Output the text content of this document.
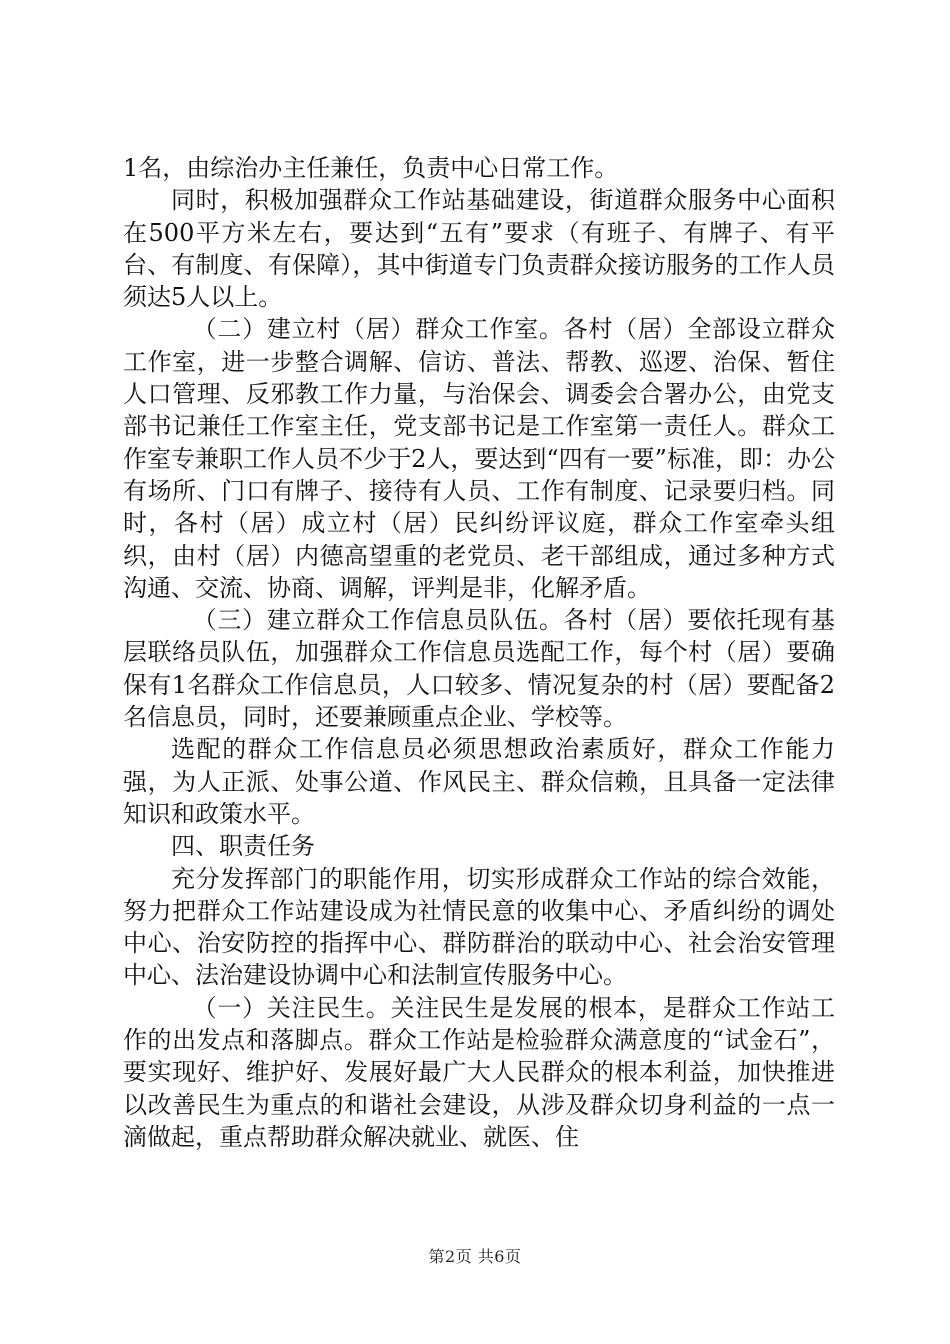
1名，由综治办主任兼任，负责中心日常工作。

同时，积极加强群众工作站基础建设，街道群众服务中心面积在500平方米左右，要达到“五有”要求（有班子、有牌子、有平台、有制度、有保障），其中街道专门负责群众接访服务的工作人员须达5人以上。

（二）建立村（居）群众工作室。各村（居）全部设立群众工作室，进一步整合调解、信访、普法、帮教、巡逻、治保、暂住人口管理、反邪教工作力量，与治保会、调委会合署办公，由党支部书记兼任工作室主任，党支部书记是工作室第一责任人。群众工作室专兼职工作人员不少于2人，要达到“四有一要”标准，即：办公有场所、门口有牌子、接待有人员、工作有制度、记录要归档。同时，各村（居）成立村（居）民纠纷评议庭，群众工作室牵头组织，由村（居）内德高望重的老党员、老干部组成，通过多种方式沟通、交流、协商、调解，评判是非，化解矛盾。

（三）建立群众工作信息员队伍。各村（居）要依托现有基层联络员队伍，加强群众工作信息员选配工作，每个村（居）要确保有1名群众工作信息员，人口较多、情况复杂的村（居）要配备2名信息员，同时，还要兼顾重点企业、学校等。

选配的群众工作信息员必须思想政治素质好，群众工作能力强，为人正派、处事公道、作风民主、群众信赖，且具备一定法律知识和政策水平。

四、职责任务

充分发挥部门的职能作用，切实形成群众工作站的综合效能，努力把群众工作站建设成为社情民意的收集中心、矛盾纠纷的调处中心、治安防控的指挥中心、群防群治的联动中心、社会治安管理中心、法治建设协调中心和法制宣传服务中心。

（一）关注民生。关注民生是发展的根本，是群众工作站工作的出发点和落脚点。群众工作站是检验群众满意度的“试金石”，要实现好、维护好、发展好最广大人民群众的根本利益，加快推进以改善民生为重点的和谐社会建设，从涉及群众切身利益的一点一滴做起，重点帮助群众解决就业、就医、住

第2页 共6页
